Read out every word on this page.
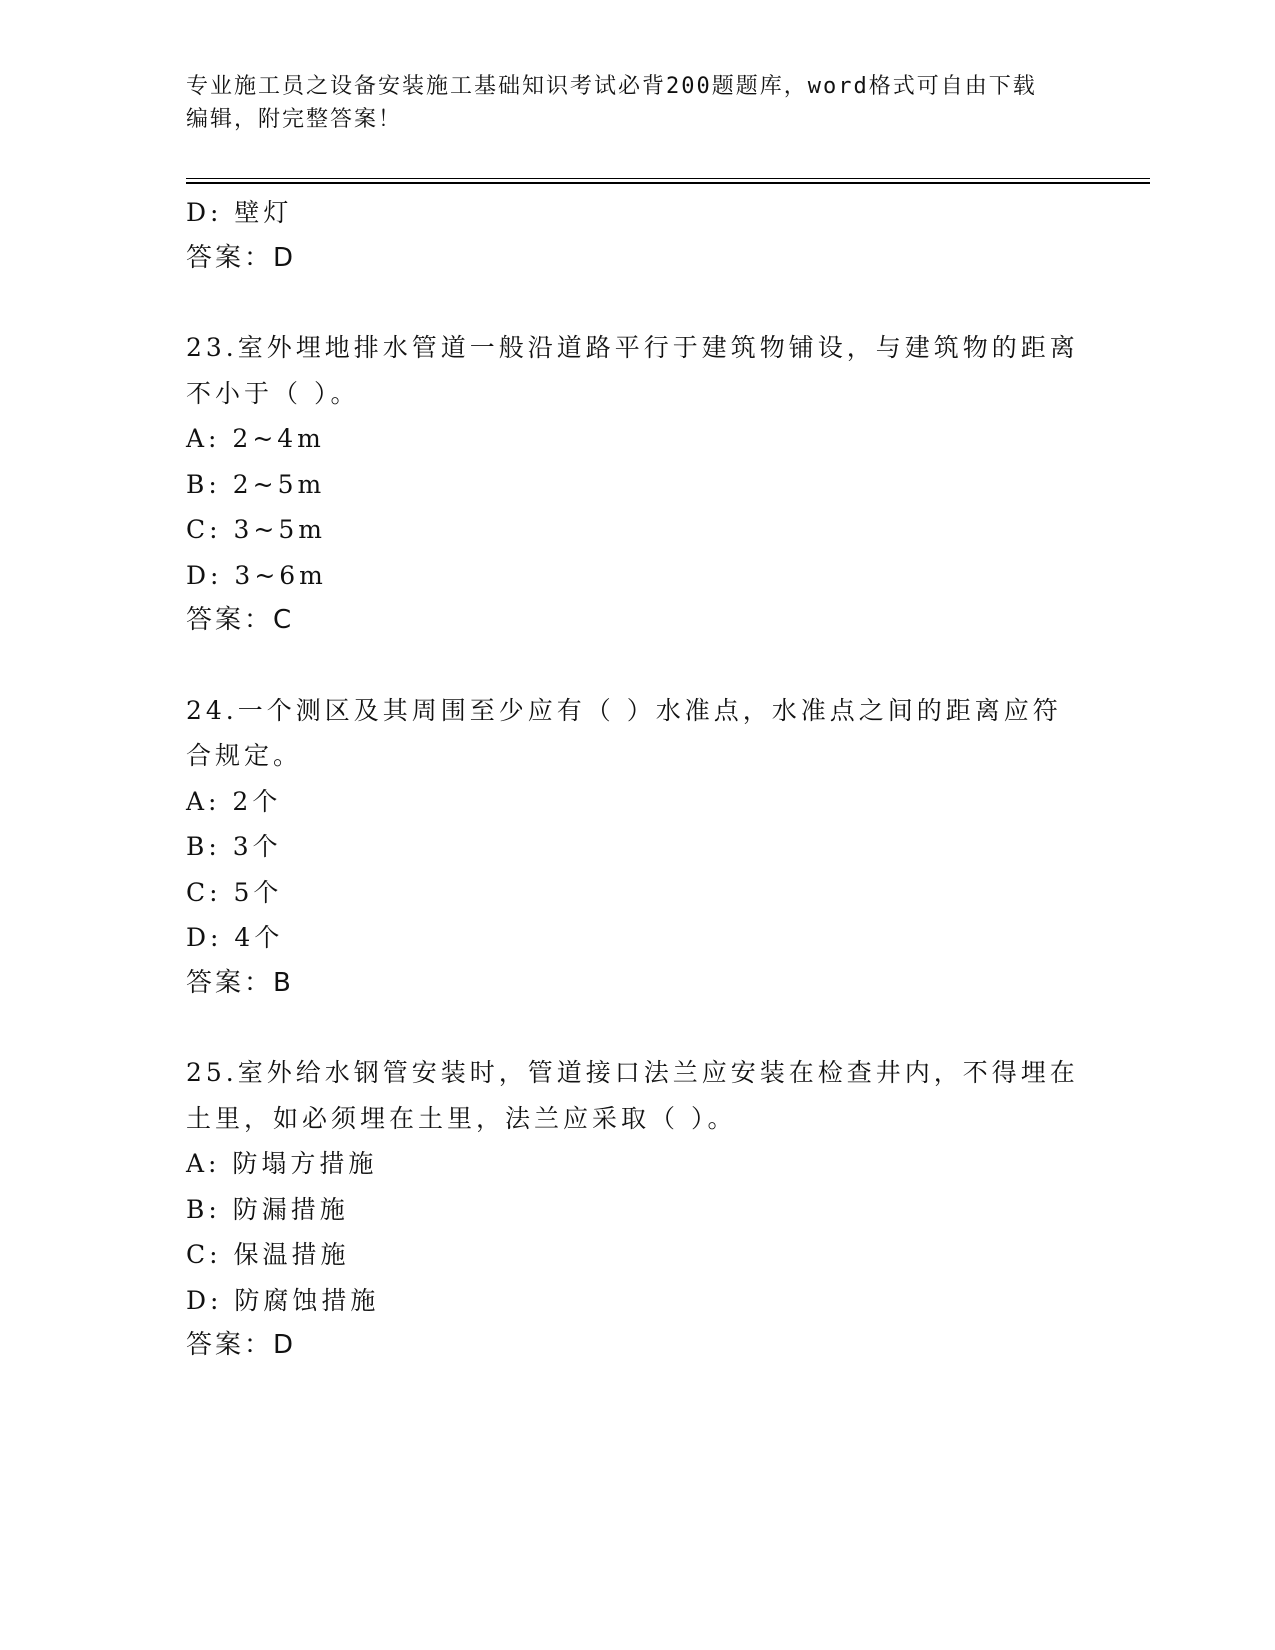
专业施工员之设备安装施工基础知识考试必背200题题库，word格式可自由下载
编辑，附完整答案！
D: 壁灯
答案：D
23.室外埋地排水管道一般沿道路平行于建筑物铺设，与建筑物的距离
不小于（ ）。
A: 2~4m
B: 2~5m
C: 3~5m
D: 3~6m
答案：C
24.一个测区及其周围至少应有（ ）水准点，水准点之间的距离应符
合规定。
A: 2个
B: 3个
C: 5个
D: 4个
答案：B
25.室外给水钢管安装时，管道接口法兰应安装在检查井内，不得埋在
土里，如必须埋在土里，法兰应采取（ ）。
A: 防塌方措施
B: 防漏措施
C: 保温措施
D: 防腐蚀措施
答案：D
